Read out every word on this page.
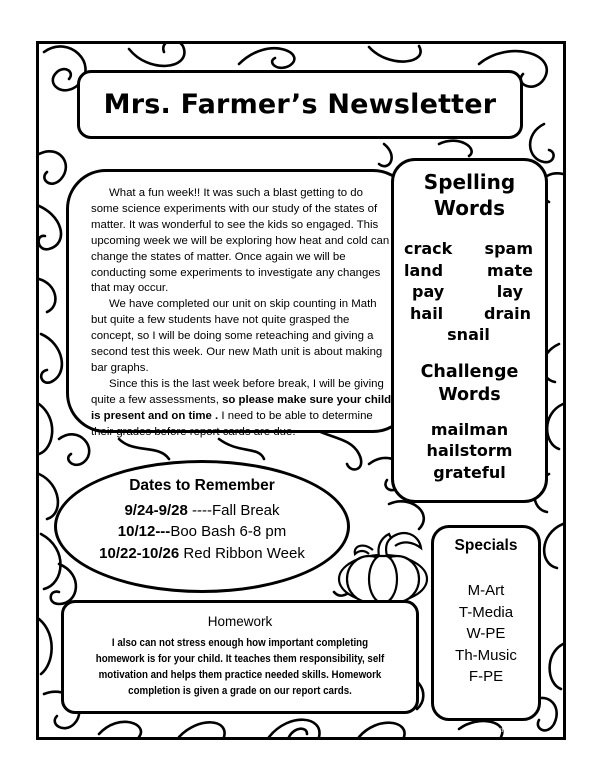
Mrs. Farmer’s Newsletter

What a fun week!! It was such a blast getting to do some science experiments with our study of the states of matter. It was wonderful to see the kids so engaged. This upcoming week we will be exploring how heat and cold can change the states of matter. Once again we will be conducting some experiments to investigate any changes that may occur.

We have completed our unit on skip counting in Math but quite a few students have not quite grasped the concept, so I will be doing some reteaching and giving a second test this week. Our new Math unit is about making bar graphs.

Since this is the last week before break, I will be giving quite a few assessments, so please make sure your child is present and on time . I need to be able to determine their grades before report cards are due.

Spelling
Words
crack spam
land	mate
pay	lay
hail	drain
snail
Challenge
Words
mailman
hailstorm
grateful
Dates to Remember
9/24-9/28 ----Fall Break
10/12---Boo Bash 6-8 pm
10/22-10/26 Red Ribbon Week
Homework
I also can not stress enough how important completing homework is for your child. It teaches them responsibility, self motivation and helps them practice needed skills. Homework completion is given a grade on our report cards.
Specials
M-Art
T-Media
W-PE
Th-Music
F-PE
©2016 Cynthia Vautrot
